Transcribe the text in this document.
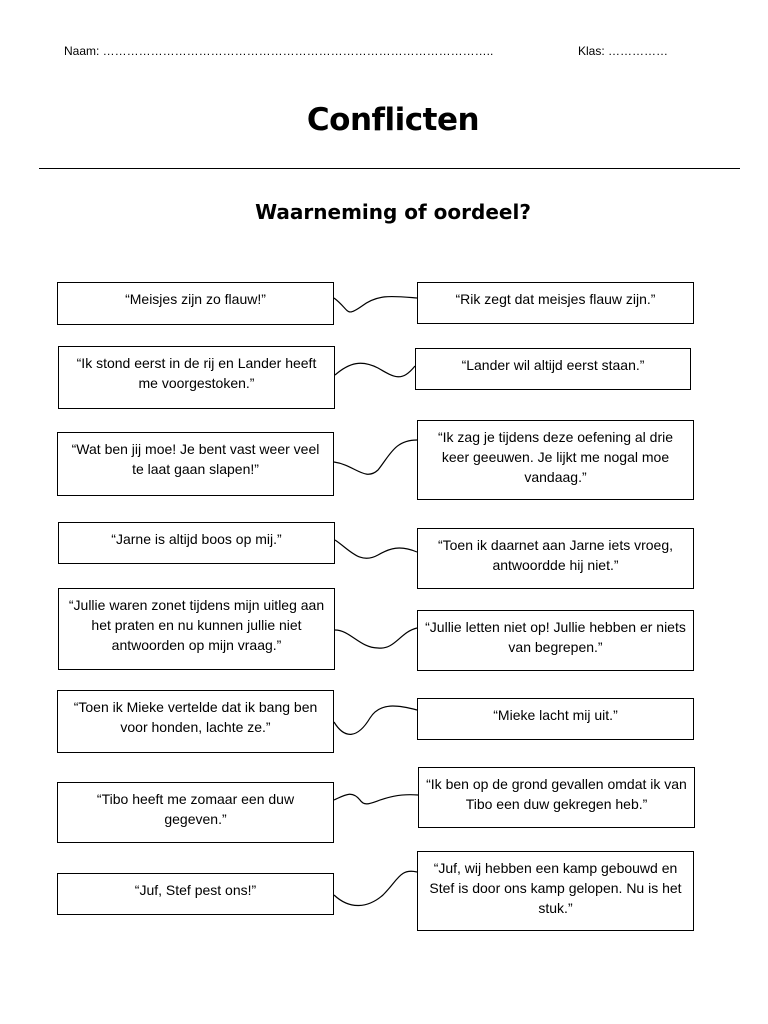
Naam: ……………………………………………………………………………………..	Klas: ……………
Conflicten
Waarneming of oordeel?
“Meisjes zijn zo flauw!”
“Ik stond eerst in de rij en Lander heeft me voorgestoken.”
“Wat ben jij moe! Je bent vast weer veel te laat gaan slapen!”
“Jarne is altijd boos op mij.”
“Jullie waren zonet tijdens mijn uitleg aan het praten en nu kunnen jullie niet antwoorden op mijn vraag.”
“Toen ik Mieke vertelde dat ik bang ben voor honden, lachte ze.”
“Tibo heeft me zomaar een duw gegeven.”
“Juf, Stef pest ons!”
“Rik zegt dat meisjes flauw zijn.”
“Lander wil altijd eerst staan.”
“Ik zag je tijdens deze oefening al drie keer geeuwen. Je lijkt me nogal moe vandaag.”
“Toen ik daarnet aan Jarne iets vroeg, antwoordde hij niet.”
“Jullie letten niet op! Jullie hebben er niets van begrepen.”
“Mieke lacht mij uit.”
“Ik ben op de grond gevallen omdat ik van Tibo een duw gekregen heb.”
“Juf, wij hebben een kamp gebouwd en Stef is door ons kamp gelopen. Nu is het stuk.”
